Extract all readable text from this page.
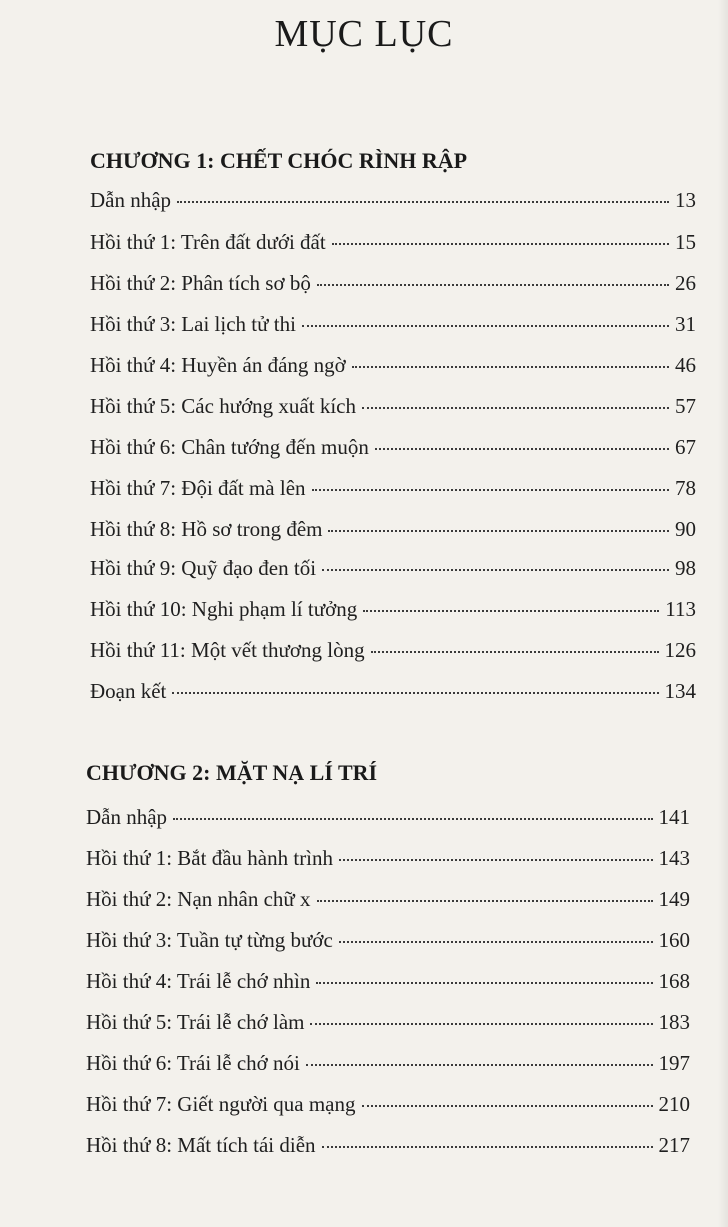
MỤC LỤC
CHƯƠNG 1: CHẾT CHÓC RÌNH RẬP
Dẫn nhập	13
Hồi thứ 1: Trên đất dưới đất	15
Hồi thứ 2: Phân tích sơ bộ	26
Hồi thứ 3: Lai lịch tử thi	31
Hồi thứ 4: Huyền án đáng ngờ	46
Hồi thứ 5: Các hướng xuất kích	57
Hồi thứ 6: Chân tướng đến muộn	67
Hồi thứ 7: Đội đất mà lên	78
Hồi thứ 8: Hồ sơ trong đêm	90
Hồi thứ 9: Quỹ đạo đen tối	98
Hồi thứ 10: Nghi phạm lí tưởng	113
Hồi thứ 11: Một vết thương lòng	126
Đoạn kết	134
CHƯƠNG 2: MẶT NẠ LÍ TRÍ
Dẫn nhập	141
Hồi thứ 1: Bắt đầu hành trình	143
Hồi thứ 2: Nạn nhân chữ x	149
Hồi thứ 3: Tuần tự từng bước	160
Hồi thứ 4: Trái lễ chớ nhìn	168
Hồi thứ 5: Trái lễ chớ làm	183
Hồi thứ 6: Trái lễ chớ nói	197
Hồi thứ 7: Giết người qua mạng	210
Hồi thứ 8: Mất tích tái diễn	217
